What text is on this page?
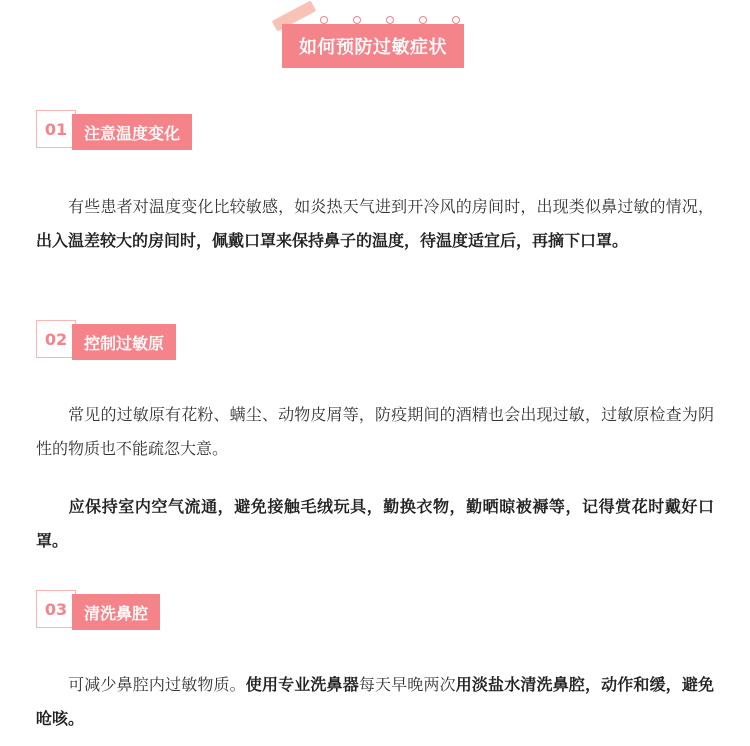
如何预防过敏症状
01	注意温度变化
有些患者对温度变化比较敏感，如炎热天气进到开冷风的房间时，出现类似鼻过敏的情况，出入温差较大的房间时，佩戴口罩来保持鼻子的温度，待温度适宜后，再摘下口罩。
02	控制过敏原
常见的过敏原有花粉、螨尘、动物皮屑等，防疫期间的酒精也会出现过敏，过敏原检查为阴性的物质也不能疏忽大意。
应保持室内空气流通，避免接触毛绒玩具，勤换衣物，勤晒晾被褥等，记得赏花时戴好口罩。
03	清洗鼻腔
可减少鼻腔内过敏物质。使用专业洗鼻器每天早晚两次用淡盐水清洗鼻腔，动作和缓，避免呛咳。
